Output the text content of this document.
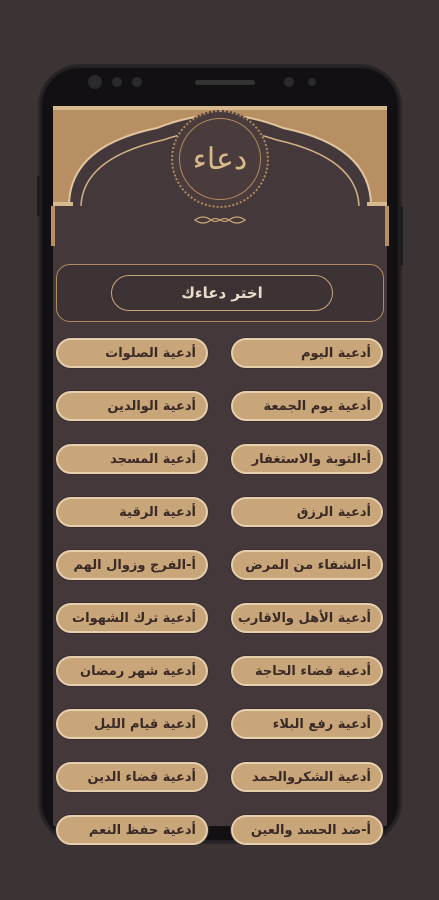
دعاء
اختر دعاءك
أدعية اليوم
أدعية الصلوات
أدعية يوم الجمعة
أدعية الوالدين
أ-التوبة والاستغفار
أدعية المسجد
أدعية الرزق
أدعية الرقية
أ-الشفاء من المرض
أ-الفرج وزوال الهم
أدعية الأهل والاقارب
أدعية ترك الشهوات
أدعية قضاء الحاجة
أدعية شهر رمضان
أدعية رفع البلاء
أدعية قيام الليل
أدعية الشكروالحمد
أدعية قضاء الدين
أ-ضد الحسد والعين
أدعية حفظ النعم
